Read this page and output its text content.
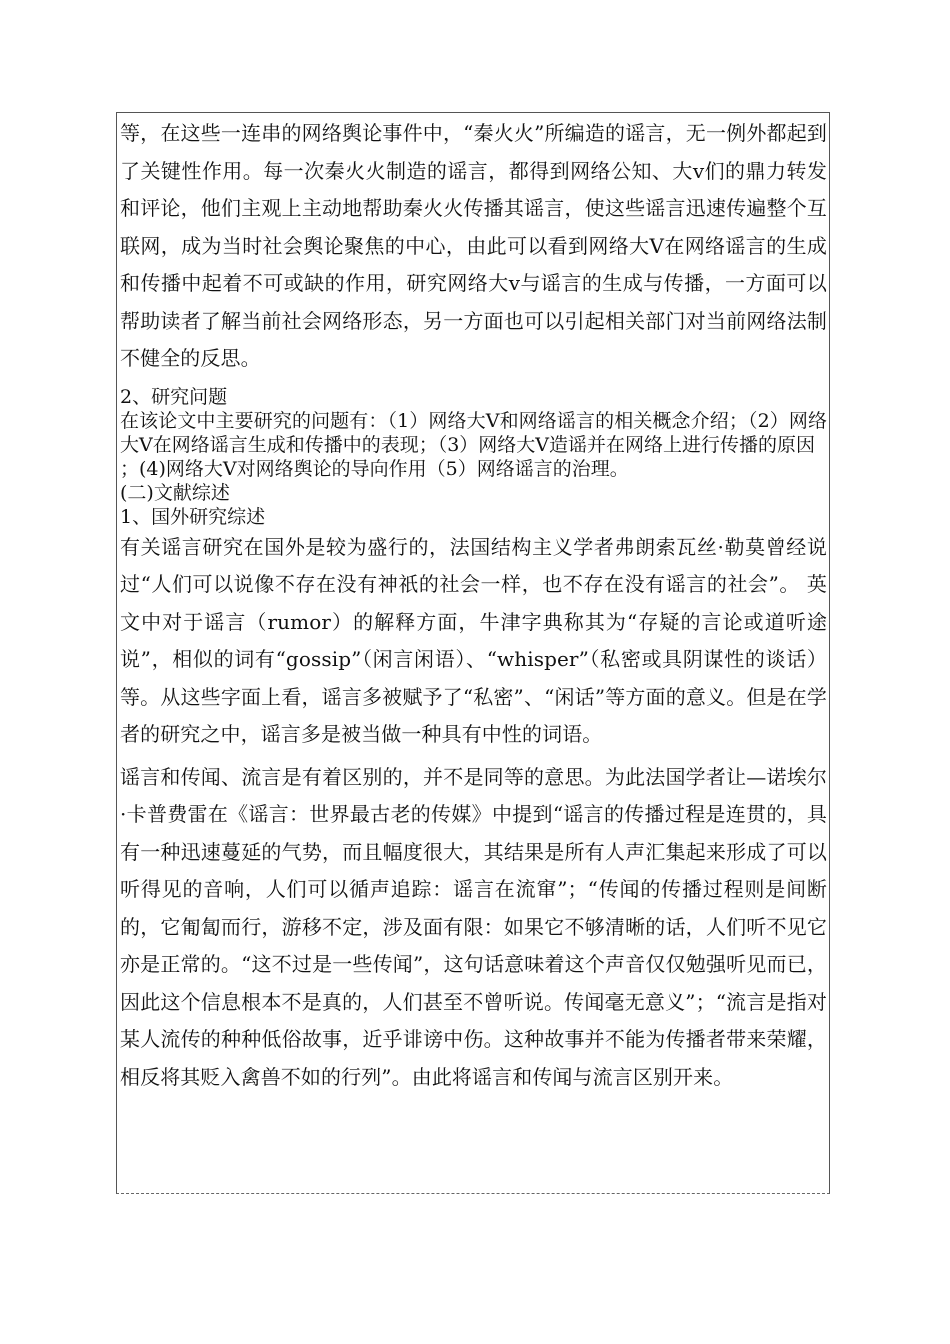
等，在这些一连串的网络舆论事件中，“秦火火”所编造的谣言，无一例外都起到了关键性作用。每一次秦火火制造的谣言，都得到网络公知、大v们的鼎力转发和评论，他们主观上主动地帮助秦火火传播其谣言，使这些谣言迅速传遍整个互联网，成为当时社会舆论聚焦的中心，由此可以看到网络大Ⅴ在网络谣言的生成和传播中起着不可或缺的作用，研究网络大v与谣言的生成与传播，一方面可以帮助读者了解当前社会网络形态，另一方面也可以引起相关部门对当前网络法制不健全的反思。

2、研究问题

在该论文中主要研究的问题有：（1）网络大Ⅴ和网络谣言的相关概念介绍；（2）网络大Ⅴ在网络谣言生成和传播中的表现；（3）网络大Ⅴ造谣并在网络上进行传播的原因

；(4)网络大Ⅴ对网络舆论的导向作用（5）网络谣言的治理。

(二)文献综述

1、国外研究综述

有关谣言研究在国外是较为盛行的，法国结构主义学者弗朗索瓦丝·勒莫曾经说过“人们可以说像不存在没有神祇的社会一样，也不存在没有谣言的社会”。 英文中对于谣言（rumor）的解释方面，牛津字典称其为“存疑的言论或道听途说”，相似的词有“gossip”（闲言闲语）、“whisper”（私密或具阴谋性的谈话）等。从这些字面上看，谣言多被赋予了“私密”、“闲话”等方面的意义。但是在学者的研究之中，谣言多是被当做一种具有中性的词语。

谣言和传闻、流言是有着区别的，并不是同等的意思。为此法国学者让—诺埃尔·卡普费雷在《谣言：世界最古老的传媒》中提到“谣言的传播过程是连贯的，具有一种迅速蔓延的气势，而且幅度很大，其结果是所有人声汇集起来形成了可以听得见的音响，人们可以循声追踪：谣言在流窜”；“传闻的传播过程则是间断的，它匍匐而行，游移不定，涉及面有限：如果它不够清晰的话，人们听不见它亦是正常的。“这不过是一些传闻”，这句话意味着这个声音仅仅勉强听见而已，因此这个信息根本不是真的，人们甚至不曾听说。传闻毫无意义”；“流言是指对某人流传的种种低俗故事，近乎诽谤中伤。这种故事并不能为传播者带来荣耀，相反将其贬入禽兽不如的行列”。由此将谣言和传闻与流言区别开来。
